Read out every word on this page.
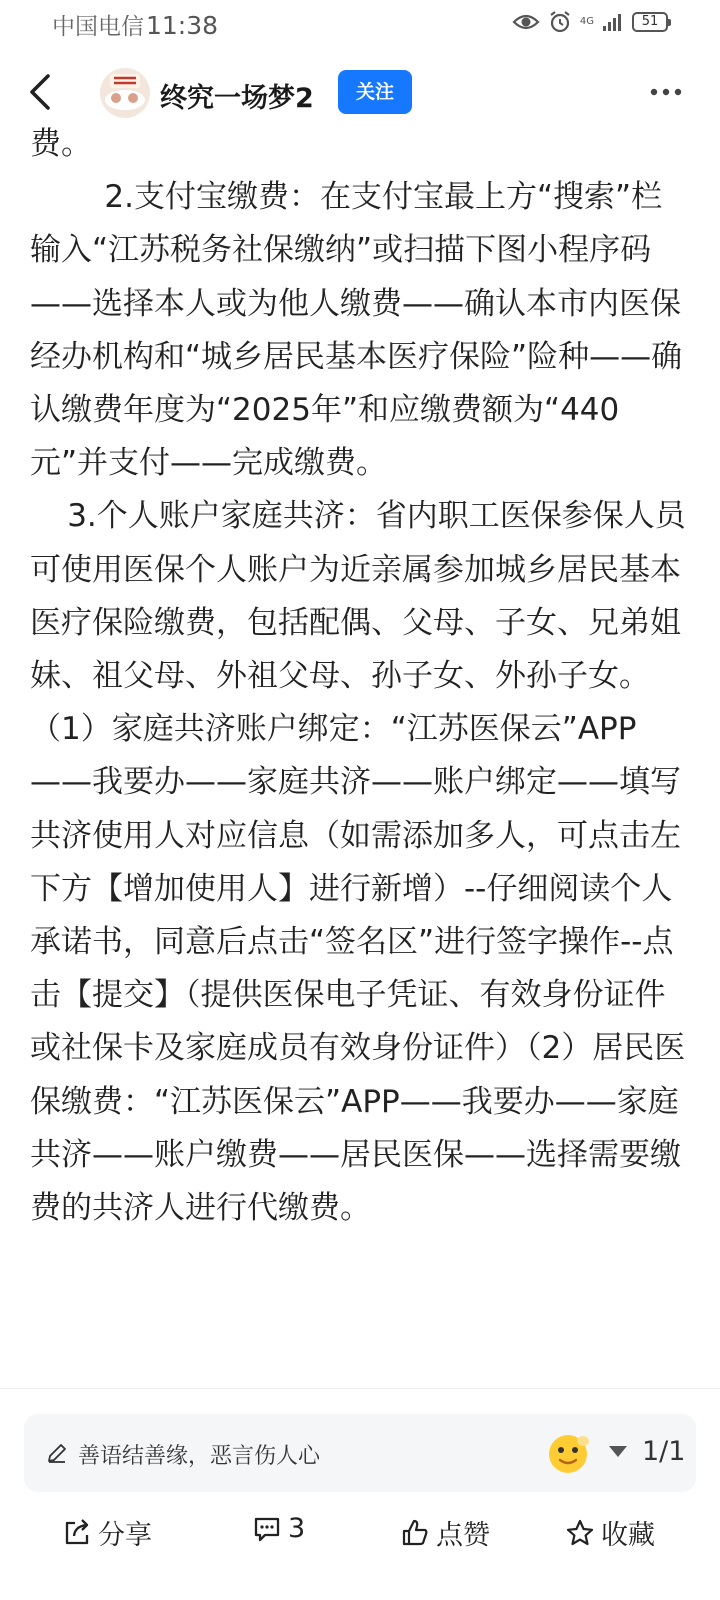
中国电信11:38	4G	51
终究一场梦2	关注

费。

2.支付宝缴费：在支付宝最上方“搜索”栏输入“江苏税务社保缴纳”或扫描下图小程序码——选择本人或为他人缴费——确认本市内医保经办机构和“城乡居民基本医疗保险”险种——确认缴费年度为“2025年”和应缴费额为“440元”并支付——完成缴费。

3.个人账户家庭共济：省内职工医保参保人员可使用医保个人账户为近亲属参加城乡居民基本医疗保险缴费，包括配偶、父母、子女、兄弟姐妹、祖父母、外祖父母、孙子女、外孙子女。 （1）家庭共济账户绑定：“江苏医保云”APP——我要办——家庭共济——账户绑定——填写共济使用人对应信息（如需添加多人，可点击左下方【增加使用人】进行新增）--仔细阅读个人承诺书，同意后点击“签名区”进行签字操作--点击【提交】（提供医保电子凭证、有效身份证件或社保卡及家庭成员有效身份证件）（2）居民医保缴费：“江苏医保云”APP——我要办——家庭共济——账户缴费——居民医保——选择需要缴费的共济人进行代缴费。

善语结善缘，恶言伤人心	1/1
分享	3	点赞	收藏
